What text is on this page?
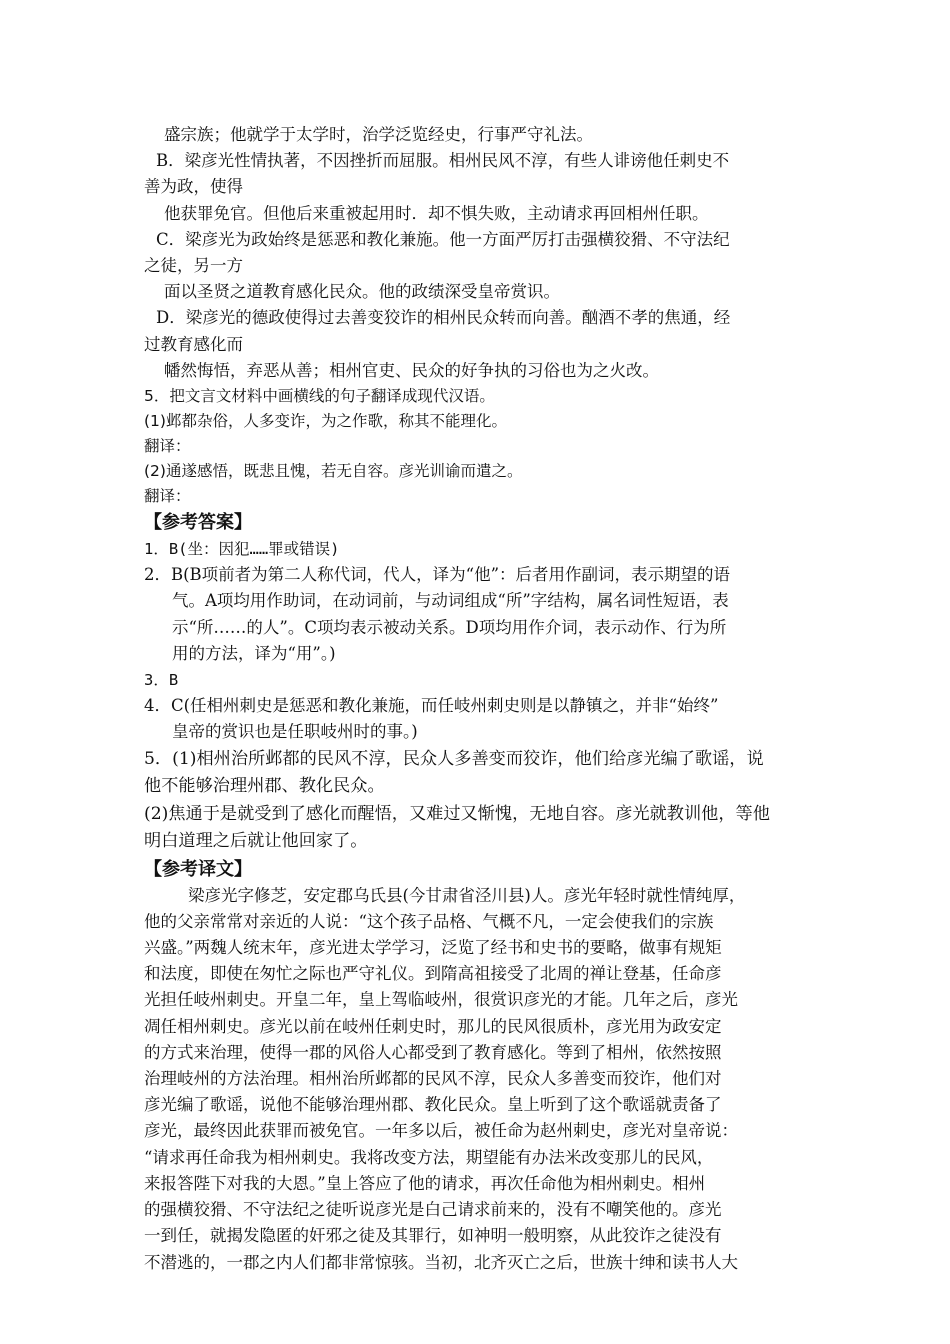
盛宗族；他就学于太学时，治学泛览经史，行事严守礼法。
B．梁彦光性情执著，不因挫折而屈服。相州民风不淳，有些人诽谤他任刺史不
善为政，使得
他获罪免官。但他后来重被起用时．却不惧失败，主动请求再回相州任职。
C．梁彦光为政始终是惩恶和教化兼施。他一方面严厉打击强横狡猾、不守法纪
之徒，另一方
面以圣贤之道教育感化民众。他的政绩深受皇帝赏识。
D．梁彦光的德政使得过去善变狡诈的相州民众转而向善。酗酒不孝的焦通，经
过教育感化而
幡然悔悟，弃恶从善；相州官吏、民众的好争执的习俗也为之火改。
5．把文言文材料中画横线的句子翻译成现代汉语。
(1)邺都杂俗，人多变诈，为之作歌，称其不能理化。
翻译：
(2)通遂感悟，既悲且愧，若无自容。彦光训谕而遣之。
翻译：
【参考答案】
1．B(坐：因犯……罪或错误)
2．B(B项前者为第二人称代词，代人，译为“他”：后者用作副词，表示期望的语
气。A项均用作助词，在动词前，与动词组成“所”字结构，属名词性短语，表
示“所……的人”。C项均表示被动关系。D项均用作介词，表示动作、行为所
用的方法，译为“用”。)
3．B
4．C(任相州刺史是惩恶和教化兼施，而任岐州刺史则是以静镇之，并非“始终”
皇帝的赏识也是任职岐州时的事。)
5．(1)相州治所邺都的民风不淳，民众人多善变而狡诈，他们给彦光编了歌谣，说
他不能够治理州郡、教化民众。
(2)焦通于是就受到了感化而醒悟，又难过又惭愧，无地自容。彦光就教训他，等他
明白道理之后就让他回家了。
【参考译文】
梁彦光字修芝，安定郡乌氏县(今甘肃省泾川县)人。彦光年轻时就性情纯厚，
他的父亲常常对亲近的人说：“这个孩子品格、气概不凡，一定会使我们的宗族
兴盛。”两魏人统末年，彦光进太学学习，泛览了经书和史书的要略，做事有规矩
和法度，即使在匆忙之际也严守礼仪。到隋高祖接受了北周的禅让登基，任命彦
光担任岐州刺史。开皇二年，皇上驾临岐州，很赏识彦光的才能。几年之后，彦光
凋任相州刺史。彦光以前在岐州任刺史时，那儿的民风很质朴，彦光用为政安定
的方式来治理，使得一郡的风俗人心都受到了教育感化。等到了相州，依然按照
治理岐州的方法治理。相州治所邺都的民风不淳，民众人多善变而狡诈，他们对
彦光编了歌谣，说他不能够治理州郡、教化民众。皇上听到了这个歌谣就责备了
彦光，最终因此获罪而被免官。一年多以后，被任命为赵州刺史，彦光对皇帝说：
“请求再任命我为相州刺史。我将改变方法，期望能有办法米改变那儿的民风，
来报答陛下对我的大恩。”皇上答应了他的请求，再次任命他为相州刺史。相州
的强横狡猾、不守法纪之徒听说彦光是白己请求前来的，没有不嘲笑他的。彦光
一到任，就揭发隐匿的奸邪之徒及其罪行，如神明一般明察，从此狡诈之徒没有
不潜逃的，一郡之内人们都非常惊骇。当初，北齐灭亡之后，世族十绅和读书人大
